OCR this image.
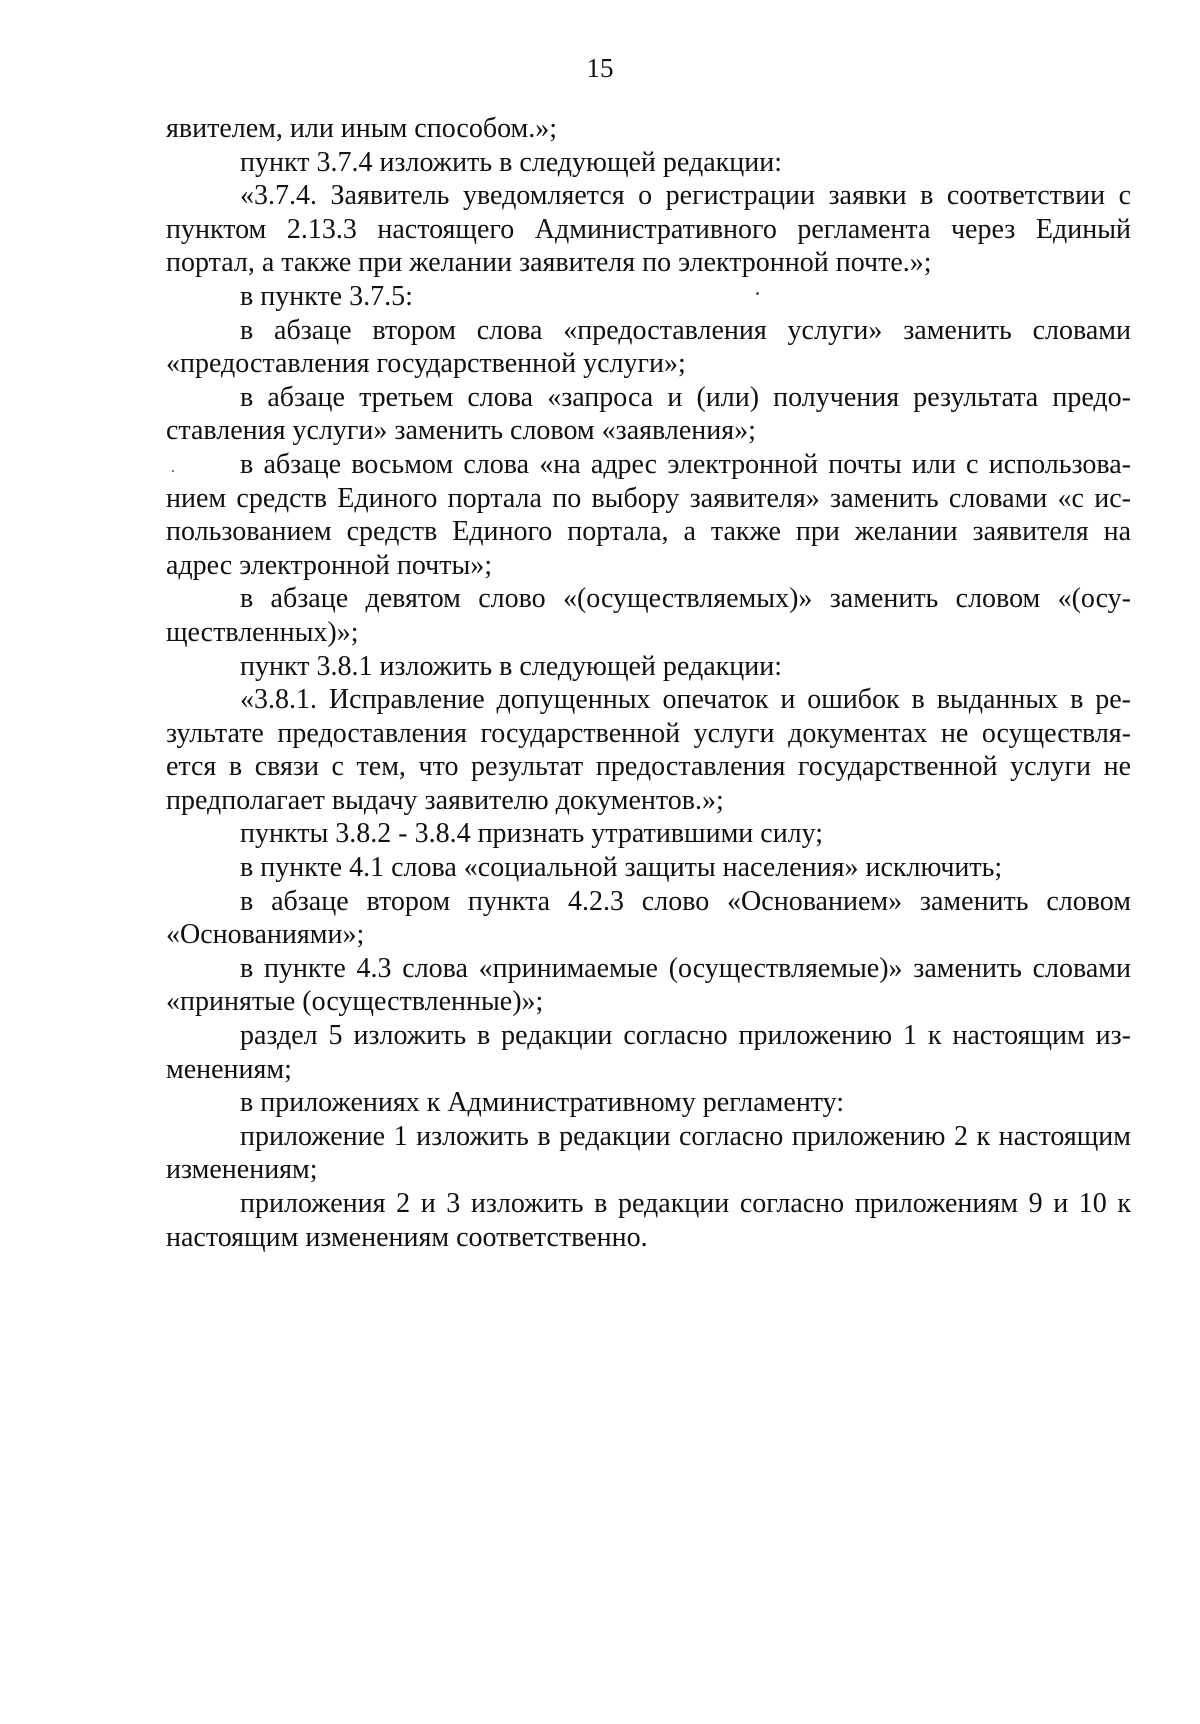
15

явителем, или иным способом.»;

пункт 3.7.4 изложить в следующей редакции:

«3.7.4. Заявитель уведомляется о регистрации заявки в соответствии с пунктом 2.13.3 настоящего Административного регламента через Единый портал, а также при желании заявителя по электронной почте.»;

в пункте 3.7.5:

в абзаце втором слова «предоставления услуги» заменить словами «предоставления государственной услуги»;

в абзаце третьем слова «запроса и (или) получения результата предоставления услуги» заменить словом «заявления»;

в абзаце восьмом слова «на адрес электронной почты или с использованием средств Единого портала по выбору заявителя» заменить словами «с использованием средств Единого портала, а также при желании заявителя на адрес электронной почты»;

в абзаце девятом слово «(осуществляемых)» заменить словом «(осуществленных)»;

пункт 3.8.1 изложить в следующей редакции:

«3.8.1. Исправление допущенных опечаток и ошибок в выданных в результате предоставления государственной услуги документах не осуществляется в связи с тем, что результат предоставления государственной услуги не предполагает выдачу заявителю документов.»;

пункты 3.8.2 - 3.8.4 признать утратившими силу;

в пункте 4.1 слова «социальной защиты населения» исключить;

в абзаце втором пункта 4.2.3 слово «Основанием» заменить словом «Основаниями»;

в пункте 4.3 слова «принимаемые (осуществляемые)» заменить словами «принятые (осуществленные)»;

раздел 5 изложить в редакции согласно приложению 1 к настоящим изменениям;

в приложениях к Административному регламенту:

приложение 1 изложить в редакции согласно приложению 2 к настоящим изменениям;

приложения 2 и 3 изложить в редакции согласно приложениям 9 и 10 к настоящим изменениям соответственно.
